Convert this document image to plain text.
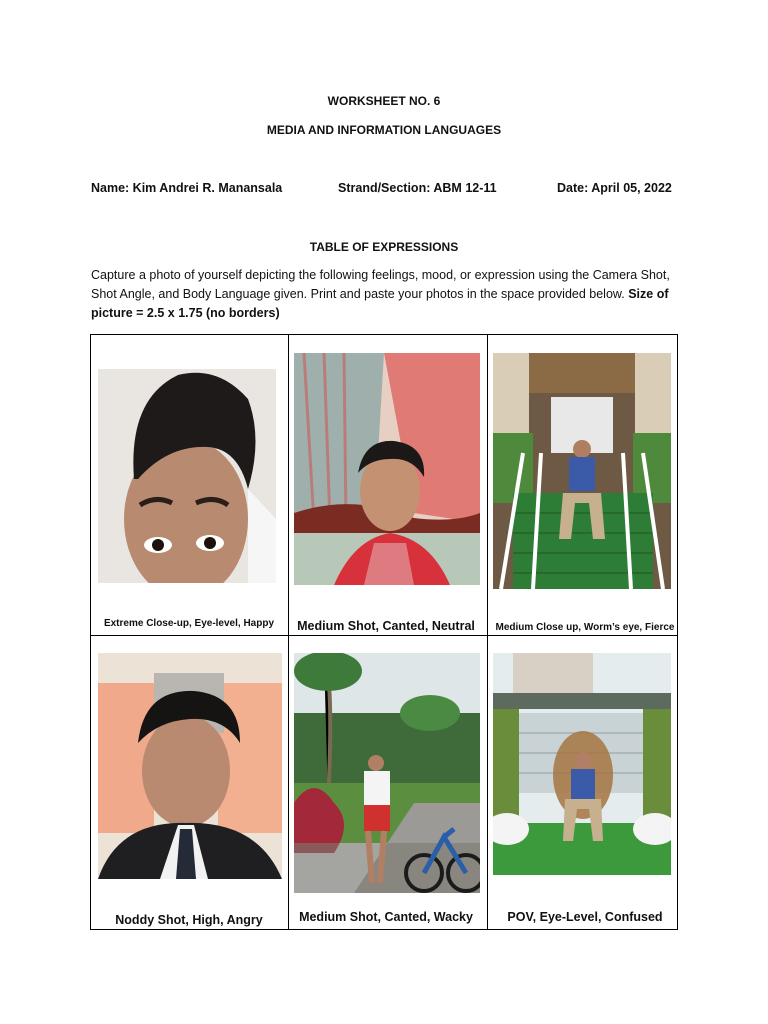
WORKSHEET NO. 6
MEDIA AND INFORMATION LANGUAGES
Name: Kim Andrei R. Manansala	Strand/Section: ABM 12-11	Date: April 05, 2022
TABLE OF EXPRESSIONS
Capture a photo of yourself depicting the following feelings, mood, or expression using the Camera Shot, Shot Angle, and Body Language given. Print and paste your photos in the space provided below. Size of picture = 2.5 x 1.75 (no borders)
Extreme Close-up, Eye-level, Happy	Medium Shot, Canted, Neutral	Medium Close up, Worm’s eye, Fierce
Noddy Shot, High, Angry	Medium Shot, Canted, Wacky	POV, Eye-Level, Confused
